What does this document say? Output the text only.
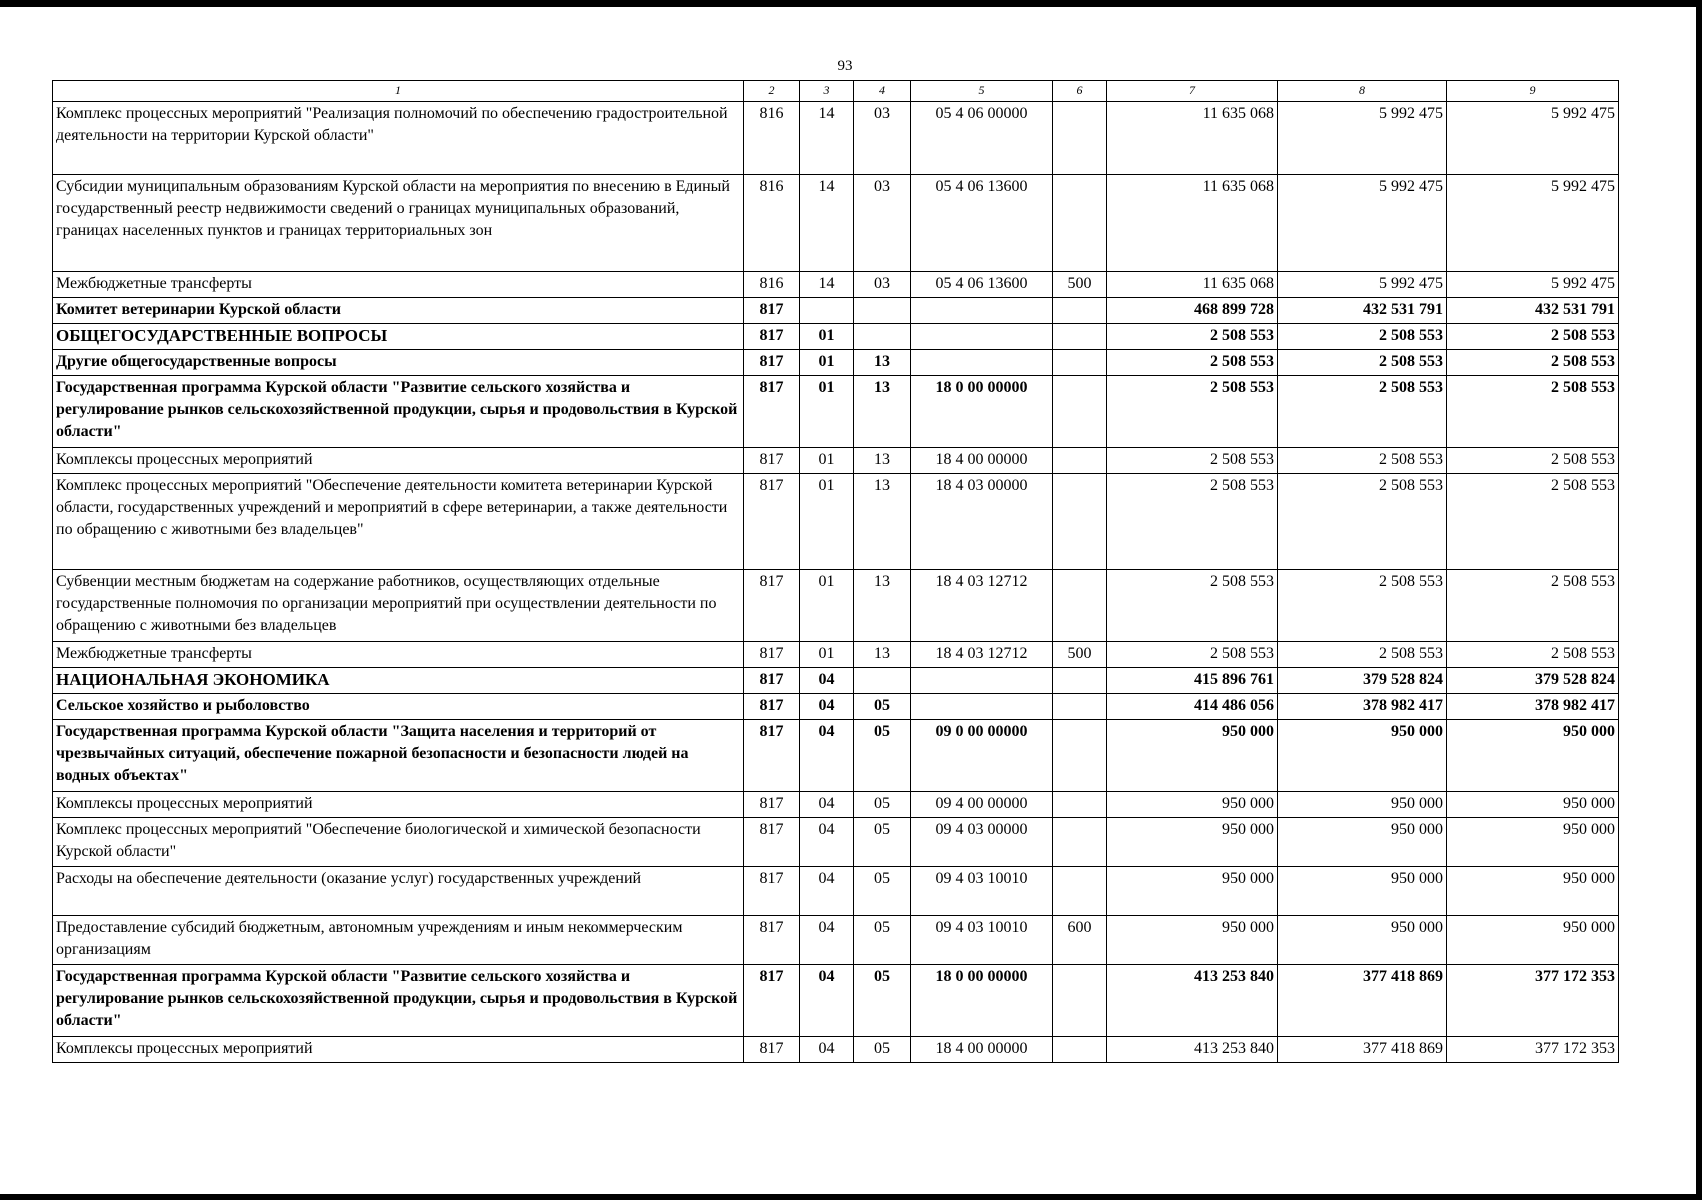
93
1	2	3	4	5	6	7	8	9
Комплекс процессных мероприятий "Реализация полномочий по обеспечению градостроительной деятельности на территории Курской области"	816	14	03	05 4 06 00000		11 635 068	5 992 475	5 992 475
Субсидии муниципальным образованиям Курской области на мероприятия по внесению в Единый государственный реестр недвижимости сведений о границах муниципальных образований, границах населенных пунктов и границах территориальных зон	816	14	03	05 4 06 13600		11 635 068	5 992 475	5 992 475
Межбюджетные трансферты	816	14	03	05 4 06 13600	500	11 635 068	5 992 475	5 992 475
Комитет ветеринарии Курской области	817					468 899 728	432 531 791	432 531 791
ОБЩЕГОСУДАРСТВЕННЫЕ ВОПРОСЫ	817	01				2 508 553	2 508 553	2 508 553
Другие общегосударственные вопросы	817	01	13			2 508 553	2 508 553	2 508 553
Государственная программа Курской области "Развитие сельского хозяйства и регулирование рынков сельскохозяйственной продукции, сырья и продовольствия в Курской области"	817	01	13	18 0 00 00000		2 508 553	2 508 553	2 508 553
Комплексы процессных мероприятий	817	01	13	18 4 00 00000		2 508 553	2 508 553	2 508 553
Комплекс процессных мероприятий "Обеспечение деятельности комитета ветеринарии Курской области, государственных учреждений и мероприятий в сфере ветеринарии, а также деятельности по обращению с животными без владельцев"	817	01	13	18 4 03 00000		2 508 553	2 508 553	2 508 553
Субвенции местным бюджетам на содержание работников, осуществляющих отдельные государственные полномочия по организации мероприятий при осуществлении деятельности по обращению с животными без владельцев	817	01	13	18 4 03 12712		2 508 553	2 508 553	2 508 553
Межбюджетные трансферты	817	01	13	18 4 03 12712	500	2 508 553	2 508 553	2 508 553
НАЦИОНАЛЬНАЯ ЭКОНОМИКА	817	04				415 896 761	379 528 824	379 528 824
Сельское хозяйство и рыболовство	817	04	05			414 486 056	378 982 417	378 982 417
Государственная программа Курской области "Защита населения и территорий от чрезвычайных ситуаций, обеспечение пожарной безопасности и безопасности людей на водных объектах"	817	04	05	09 0 00 00000		950 000	950 000	950 000
Комплексы процессных мероприятий	817	04	05	09 4 00 00000		950 000	950 000	950 000
Комплекс процессных мероприятий "Обеспечение биологической и химической безопасности Курской области"	817	04	05	09 4 03 00000		950 000	950 000	950 000
Расходы на обеспечение деятельности (оказание услуг) государственных учреждений	817	04	05	09 4 03 10010		950 000	950 000	950 000
Предоставление субсидий бюджетным, автономным учреждениям и иным некоммерческим организациям	817	04	05	09 4 03 10010	600	950 000	950 000	950 000
Государственная программа Курской области "Развитие сельского хозяйства и регулирование рынков сельскохозяйственной продукции, сырья и продовольствия в Курской области"	817	04	05	18 0 00 00000		413 253 840	377 418 869	377 172 353
Комплексы процессных мероприятий	817	04	05	18 4 00 00000		413 253 840	377 418 869	377 172 353
